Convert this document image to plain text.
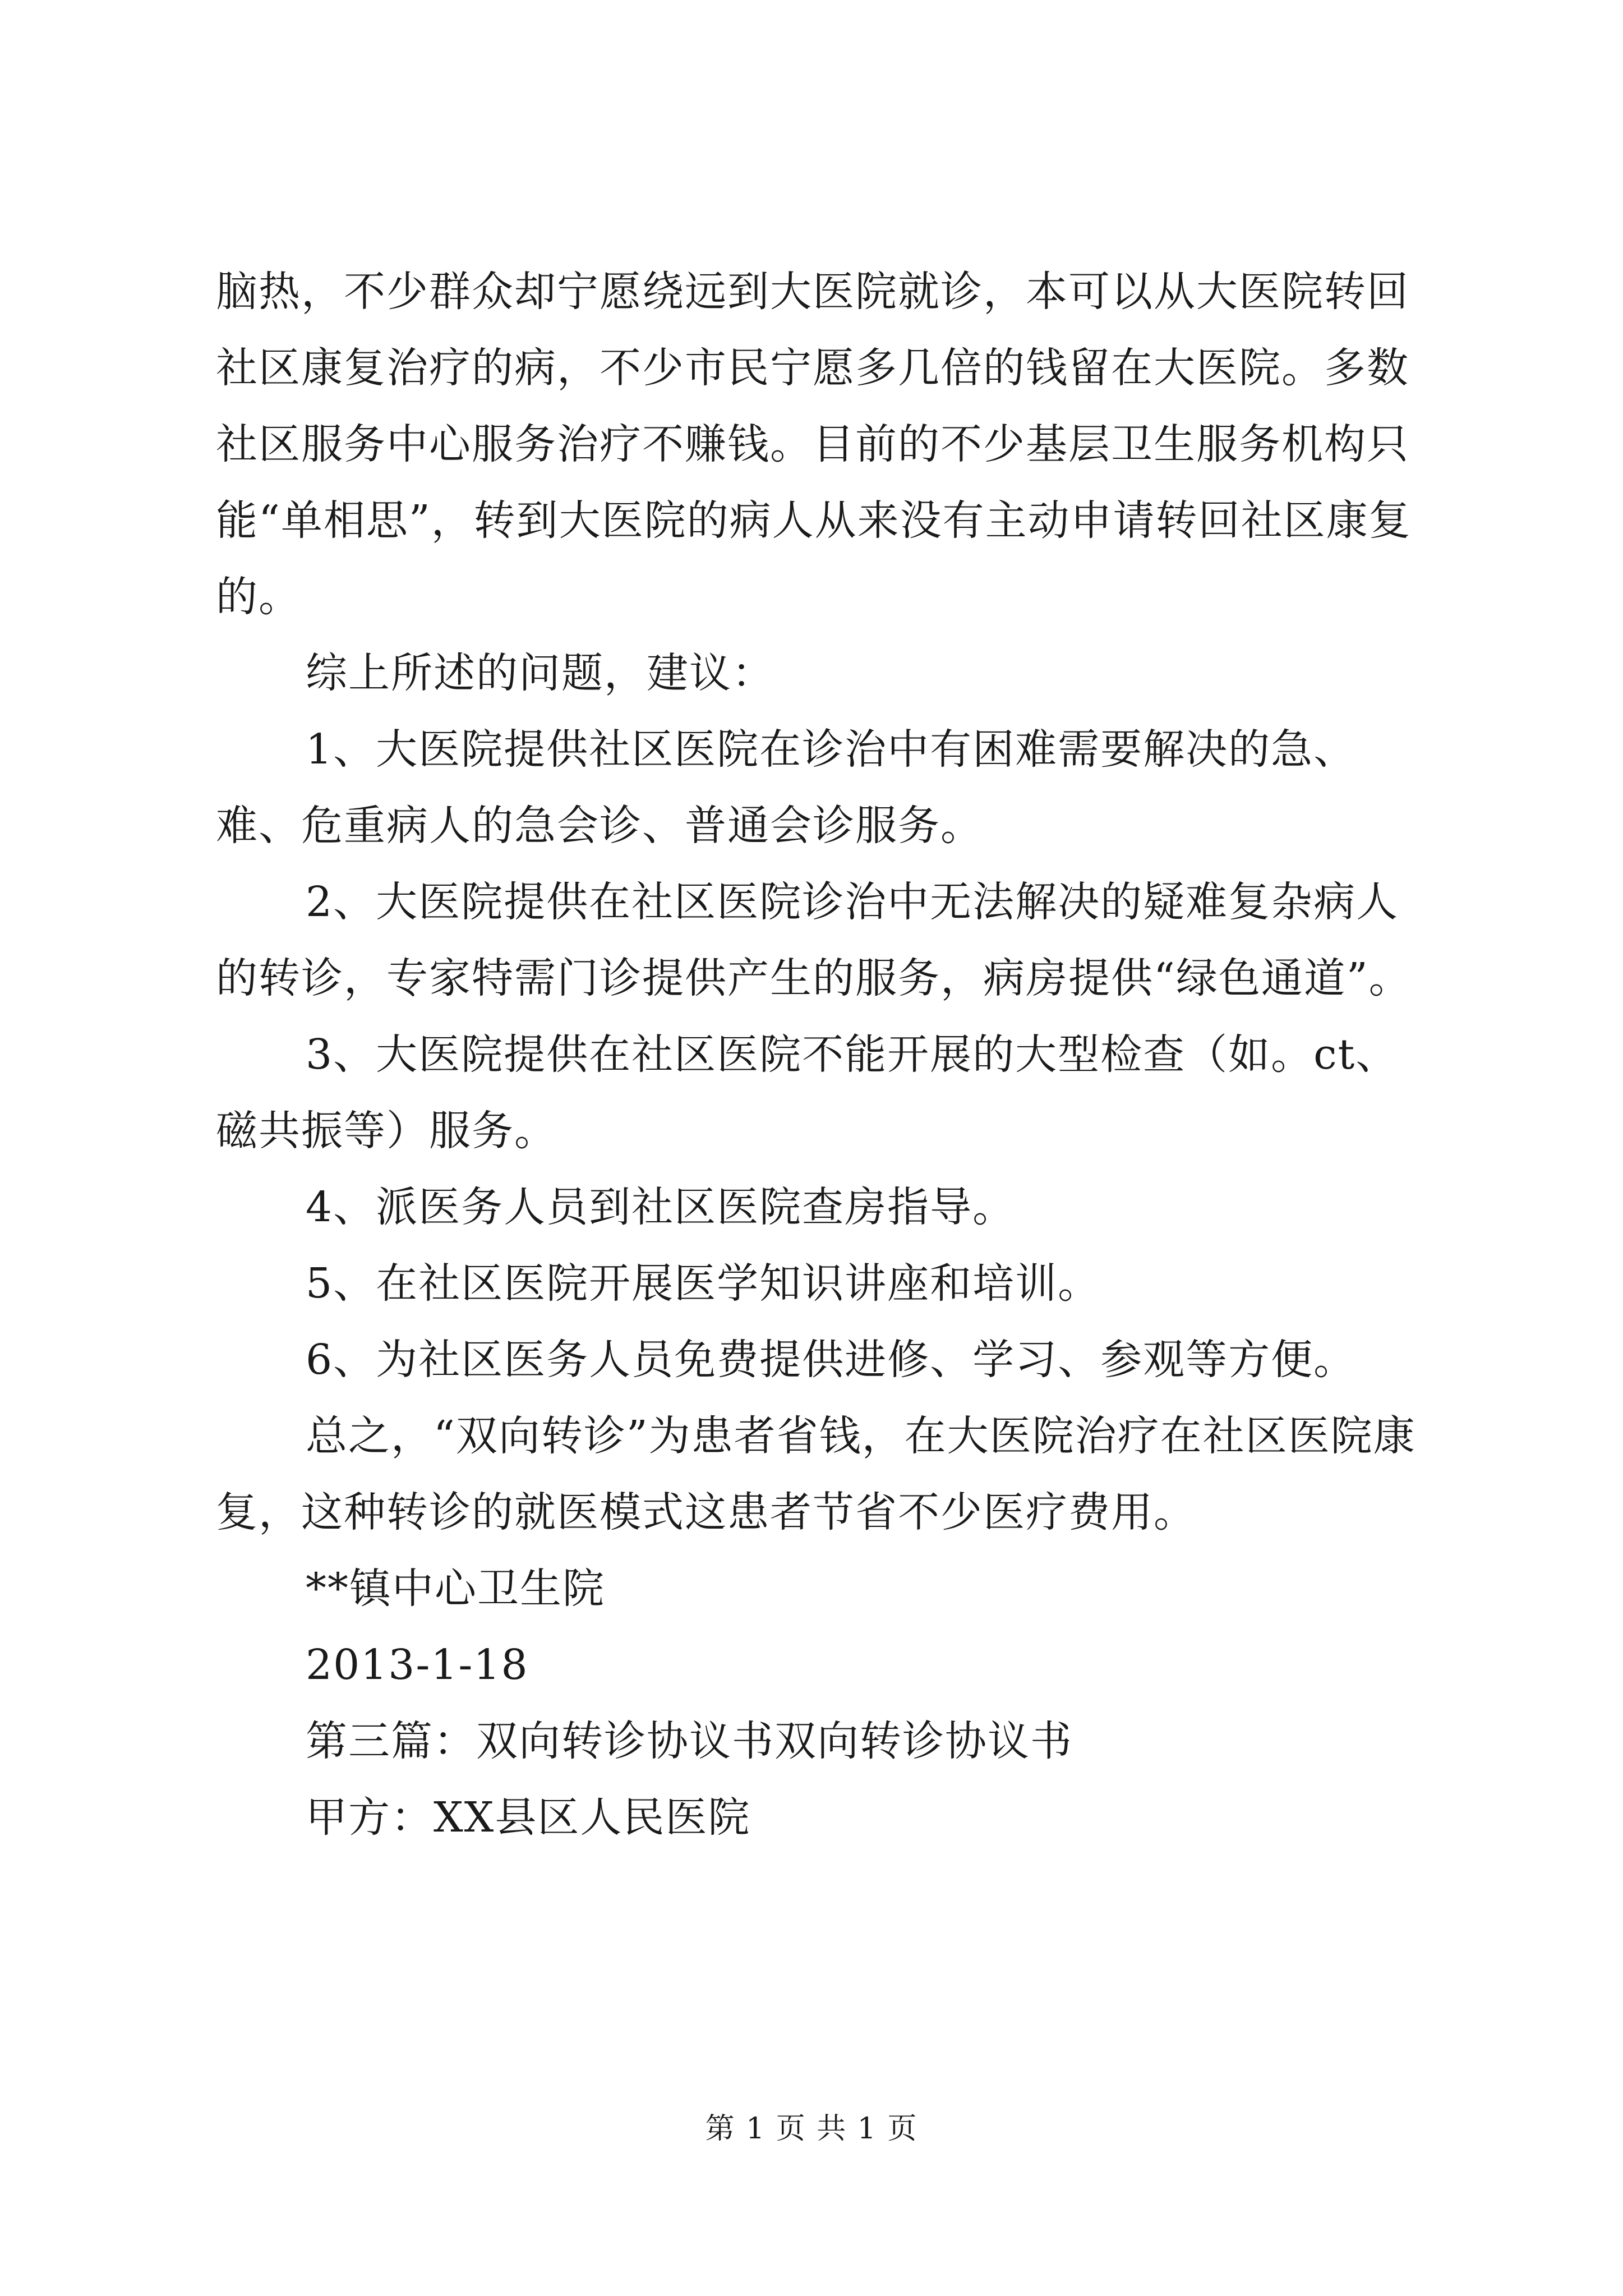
脑热，不少群众却宁愿绕远到大医院就诊，本可以从大医院转回社区康复治疗的病，不少市民宁愿多几倍的钱留在大医院。多数社区服务中心服务治疗不赚钱。目前的不少基层卫生服务机构只能“单相思”，转到大医院的病人从来没有主动申请转回社区康复的。

综上所述的问题，建议：

1、大医院提供社区医院在诊治中有困难需要解决的急、难、危重病人的急会诊、普通会诊服务。

2、大医院提供在社区医院诊治中无法解决的疑难复杂病人的转诊，专家特需门诊提供产生的服务，病房提供“绿色通道”。

3、大医院提供在社区医院不能开展的大型检查（如。ct、磁共振等）服务。

4、派医务人员到社区医院查房指导。

5、在社区医院开展医学知识讲座和培训。

6、为社区医务人员免费提供进修、学习、参观等方便。

总之，“双向转诊”为患者省钱，在大医院治疗在社区医院康复，这种转诊的就医模式这患者节省不少医疗费用。

**镇中心卫生院

2013-1-18

第三篇：双向转诊协议书双向转诊协议书

甲方：XX县区人民医院

第 1 页 共 1 页
